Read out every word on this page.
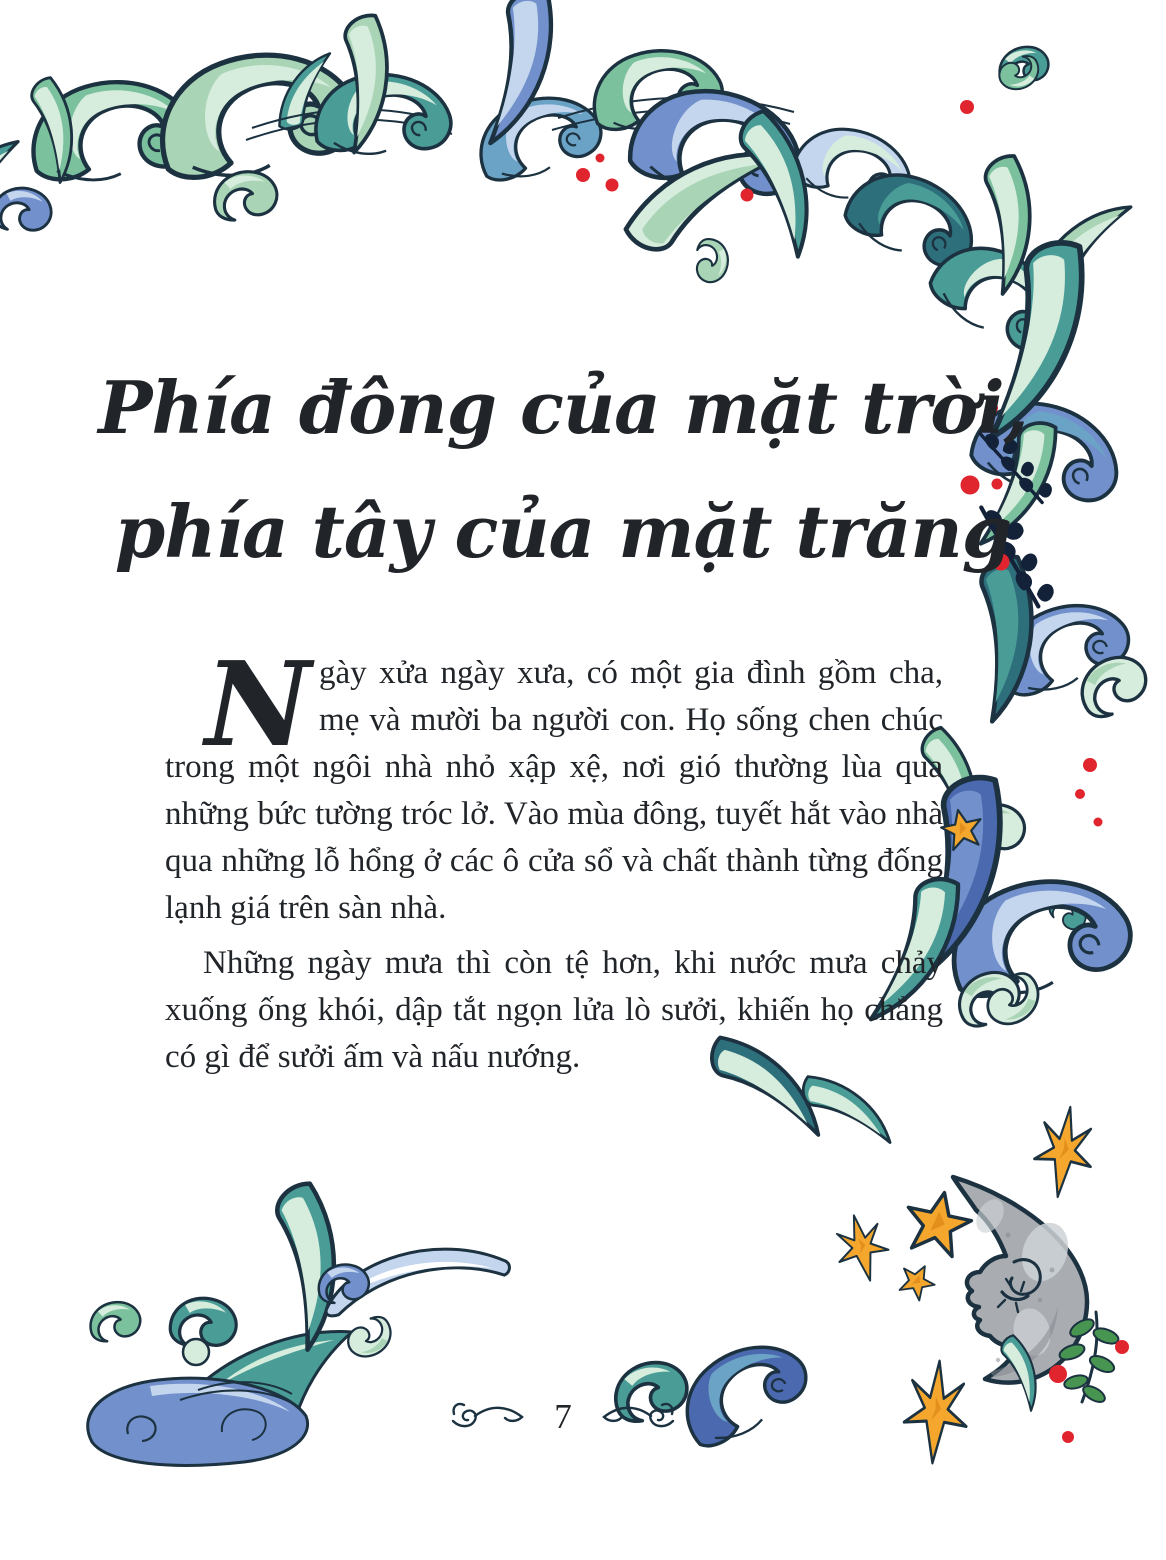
Phía đông của mặt trời,
phía tây của mặt trăng

Ngày xửa ngày xưa, có một gia đình gồm cha, mẹ và mười ba người con. Họ sống chen chúc trong một ngôi nhà nhỏ xập xệ, nơi gió thường lùa qua những bức tường tróc lở. Vào mùa đông, tuyết hắt vào nhà qua những lỗ hổng ở các ô cửa sổ và chất thành từng đống lạnh giá trên sàn nhà.

Những ngày mưa thì còn tệ hơn, khi nước mưa chảy xuống ống khói, dập tắt ngọn lửa lò sưởi, khiến họ chẳng có gì để sưởi ấm và nấu nướng.

7
